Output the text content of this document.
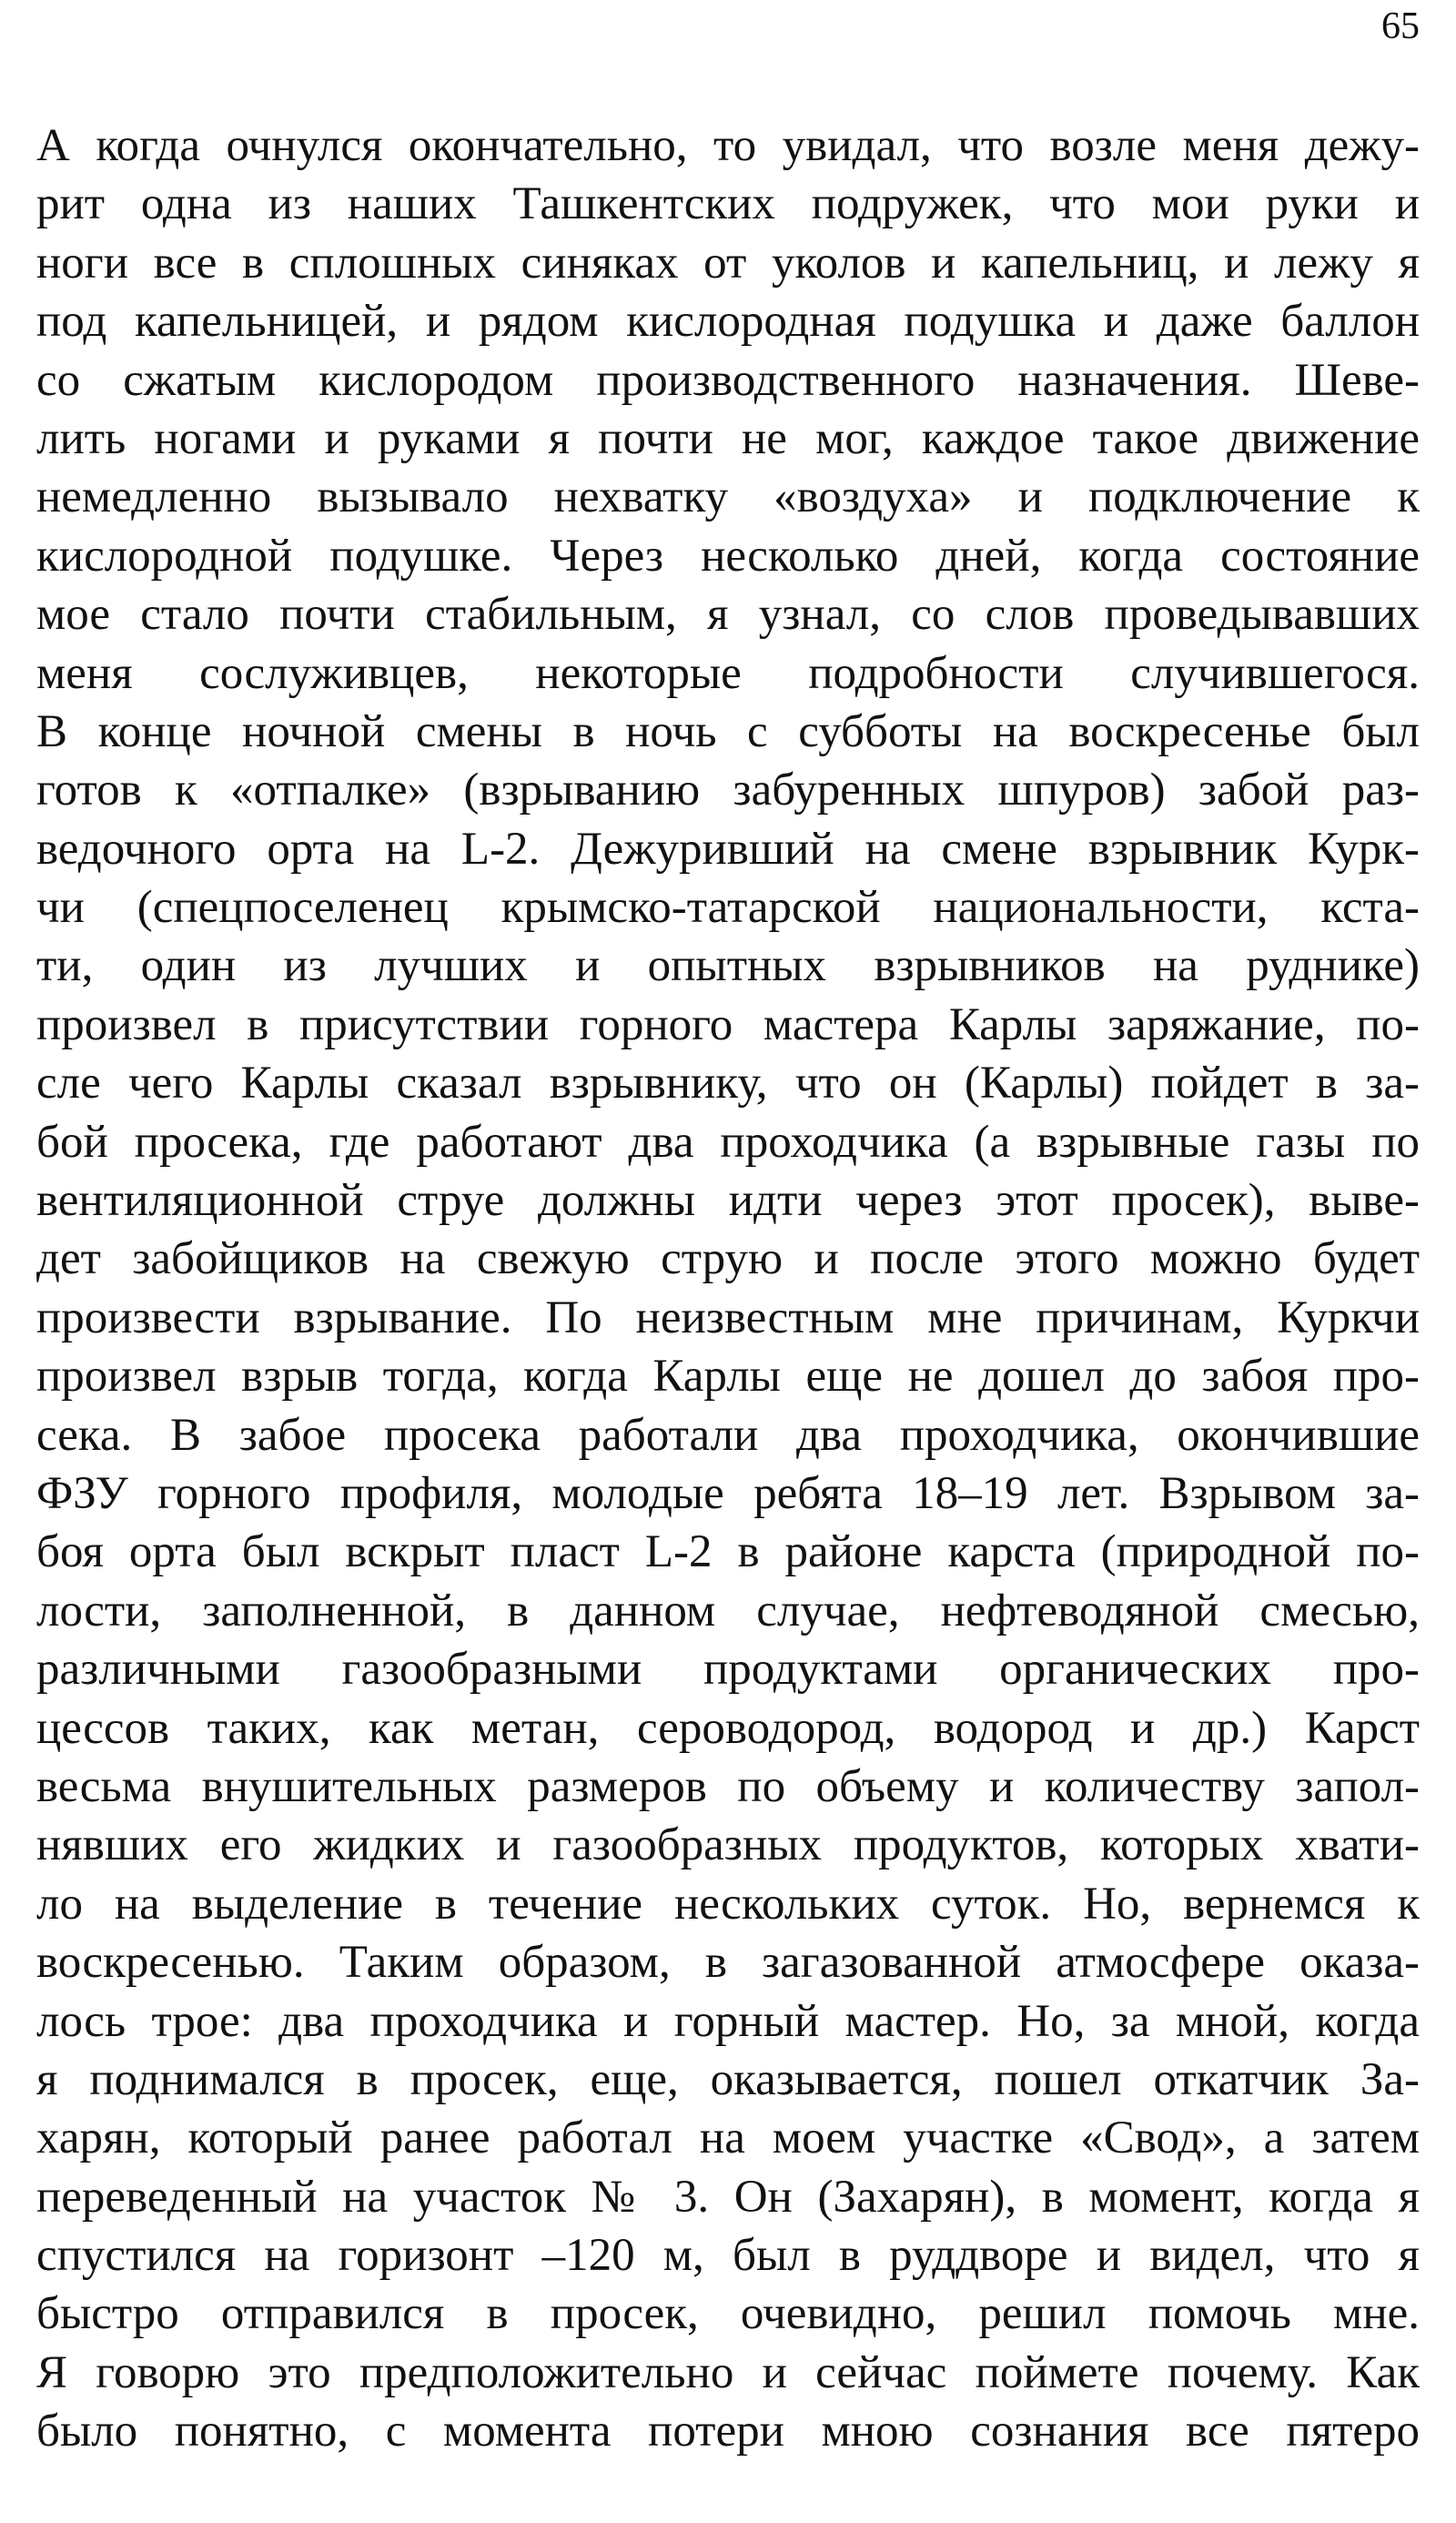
65
А когда очнулся окончательно, то увидал, что возле меня дежу-
рит одна из наших Ташкентских подружек, что мои руки и
ноги все в сплошных синяках от уколов и капельниц, и лежу я
под капельницей, и рядом кислородная подушка и даже баллон
со сжатым кислородом производственного назначения. Шеве-
лить ногами и руками я почти не мог, каждое такое движение
немедленно вызывало нехватку «воздуха» и подключение к
кислородной подушке. Через несколько дней, когда состояние
мое стало почти стабильным, я узнал, со слов проведывавших
меня сослуживцев, некоторые подробности случившегося.
В конце ночной смены в ночь с субботы на воскресенье был
готов к «отпалке» (взрыванию забуренных шпуров) забой раз-
ведочного орта на L-2. Дежуривший на смене взрывник Курк-
чи (спецпоселенец крымско-татарской национальности, кста-
ти, один из лучших и опытных взрывников на руднике)
произвел в присутствии горного мастера Карлы заряжание, по-
сле чего Карлы сказал взрывнику, что он (Карлы) пойдет в за-
бой просека, где работают два проходчика (а взрывные газы по
вентиляционной струе должны идти через этот просек), выве-
дет забойщиков на свежую струю и после этого можно будет
произвести взрывание. По неизвестным мне причинам, Куркчи
произвел взрыв тогда, когда Карлы еще не дошел до забоя про-
сека. В забое просека работали два проходчика, окончившие
ФЗУ горного профиля, молодые ребята 18–19 лет. Взрывом за-
боя орта был вскрыт пласт L-2 в районе карста (природной по-
лости, заполненной, в данном случае, нефтеводяной смесью,
различными газообразными продуктами органических про-
цессов таких, как метан, сероводород, водород и др.) Карст
весьма внушительных размеров по объему и количеству запол-
нявших его жидких и газообразных продуктов, которых хвати-
ло на выделение в течение нескольких суток. Но, вернемся к
воскресенью. Таким образом, в загазованной атмосфере оказа-
лось трое: два проходчика и горный мастер. Но, за мной, когда
я поднимался в просек, еще, оказывается, пошел откатчик За-
харян, который ранее работал на моем участке «Свод», а затем
переведенный на участок № 3. Он (Захарян), в момент, когда я
спустился на горизонт –120 м, был в руддворе и видел, что я
быстро отправился в просек, очевидно, решил помочь мне.
Я говорю это предположительно и сейчас поймете почему. Как
было понятно, с момента потери мною сознания все пятеро
